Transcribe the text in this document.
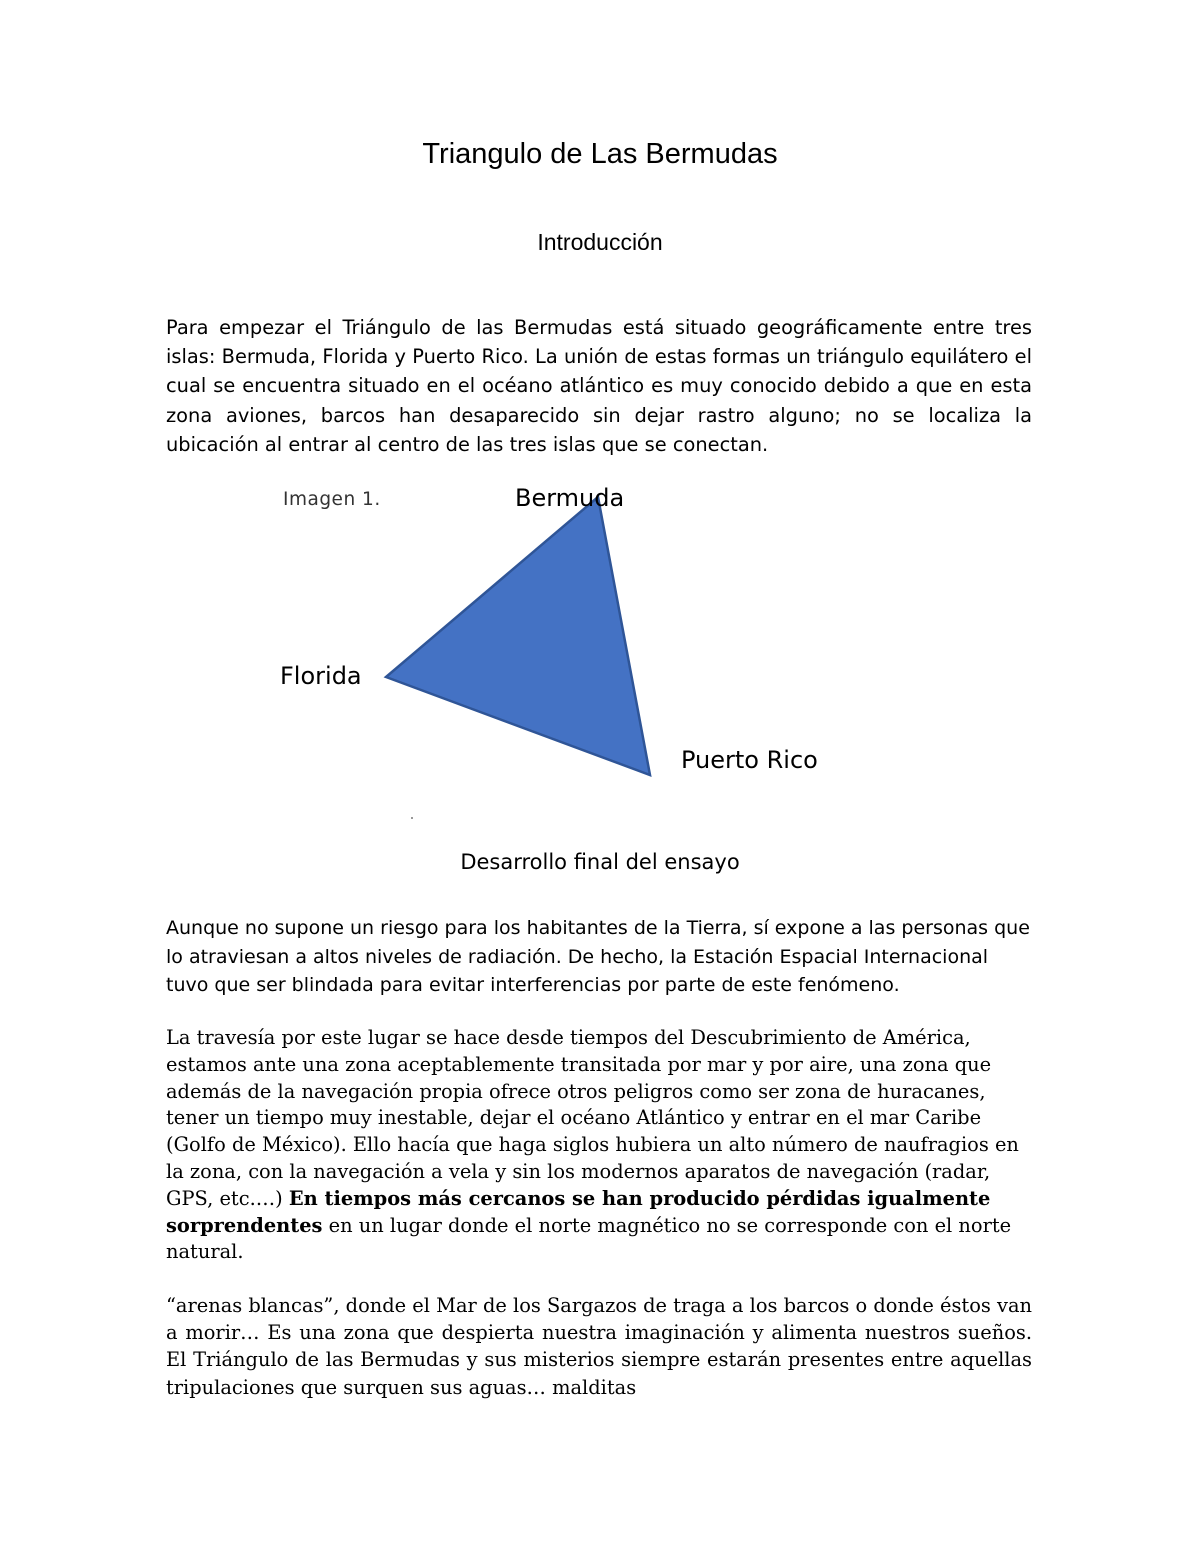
Triangulo de Las Bermudas
Introducción
Para empezar el Triángulo de las Bermudas está situado geográficamente entre tres islas: Bermuda, Florida y Puerto Rico. La unión de estas formas un triángulo equilátero el cual se encuentra situado en el océano atlántico es muy conocido debido a que en esta zona aviones, barcos han desaparecido sin dejar rastro alguno; no se localiza la ubicación al entrar al centro de las tres islas que se conectan.
Imagen 1.	Bermuda
Florida
Puerto Rico
Desarrollo final del ensayo
Aunque no supone un riesgo para los habitantes de la Tierra, sí expone a las personas que lo atraviesan a altos niveles de radiación. De hecho, la Estación Espacial Internacional tuvo que ser blindada para evitar interferencias por parte de este fenómeno.
La travesía por este lugar se hace desde tiempos del Descubrimiento de América, estamos ante una zona aceptablemente transitada por mar y por aire, una zona que además de la navegación propia ofrece otros peligros como ser zona de huracanes, tener un tiempo muy inestable, dejar el océano Atlántico y entrar en el mar Caribe (Golfo de México). Ello hacía que haga siglos hubiera un alto número de naufragios en la zona, con la navegación a vela y sin los modernos aparatos de navegación (radar, GPS, etc.…) En tiempos más cercanos se han producido pérdidas igualmente sorprendentes en un lugar donde el norte magnético no se corresponde con el norte natural.
“arenas blancas”, donde el Mar de los Sargazos de traga a los barcos o donde éstos van a morir… Es una zona que despierta nuestra imaginación y alimenta nuestros sueños. El Triángulo de las Bermudas y sus misterios siempre estarán presentes entre aquellas tripulaciones que surquen sus aguas… malditas
